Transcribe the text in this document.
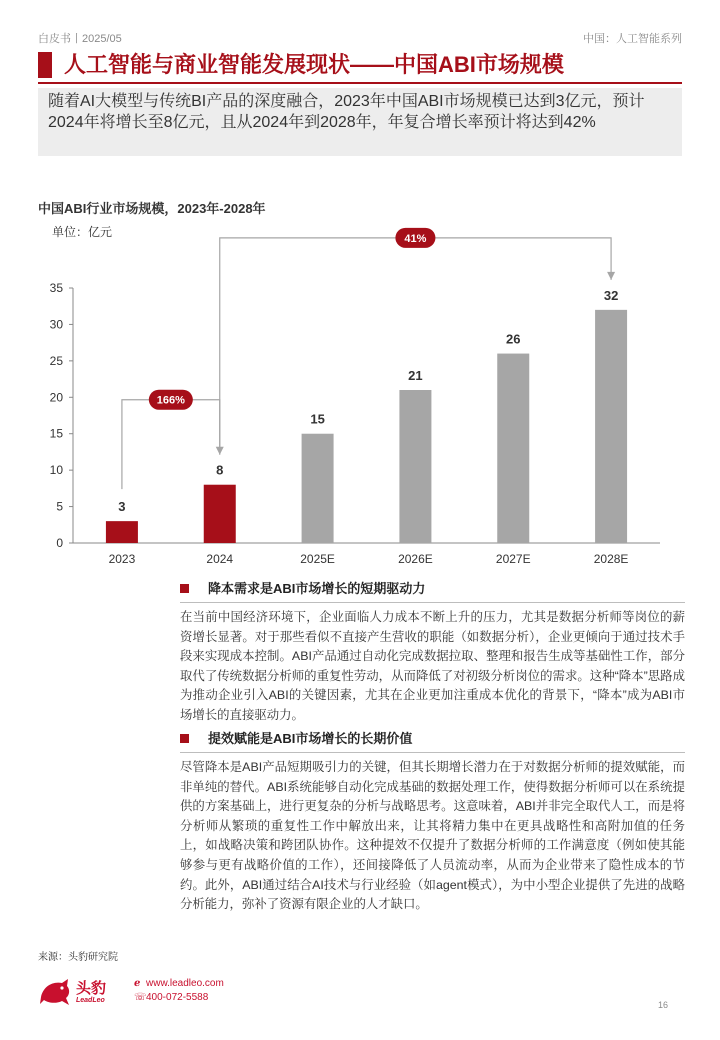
白皮书丨2025/05	中国：人工智能系列
人工智能与商业智能发展现状——中国ABI市场规模
随着AI大模型与传统BI产品的深度融合，2023年中国ABI市场规模已达到3亿元，预计2024年将增长至8亿元，且从2024年到2028年，年复合增长率预计将达到42%
中国ABI行业市场规模，2023年-2028年
单位：亿元
0
5
10
15
20
25
30
35
3
2023
8
2024
15
2025E
21
2026E
26
2027E
32
2028E
166%
41%
降本需求是ABI市场增长的短期驱动力
在当前中国经济环境下，企业面临人力成本不断上升的压力，尤其是数据分析师等岗位的薪资增长显著。对于那些看似不直接产生营收的职能（如数据分析），企业更倾向于通过技术手段来实现成本控制。ABI产品通过自动化完成数据拉取、整理和报告生成等基础性工作，部分取代了传统数据分析师的重复性劳动，从而降低了对初级分析岗位的需求。这种“降本”思路成为推动企业引入ABI的关键因素，尤其在企业更加注重成本优化的背景下，“降本”成为ABI市场增长的直接驱动力。
提效赋能是ABI市场增长的长期价值
尽管降本是ABI产品短期吸引力的关键，但其长期增长潜力在于对数据分析师的提效赋能，而非单纯的替代。ABI系统能够自动化完成基础的数据处理工作，使得数据分析师可以在系统提供的方案基础上，进行更复杂的分析与战略思考。这意味着，ABI并非完全取代人工，而是将分析师从繁琐的重复性工作中解放出来，让其将精力集中在更具战略性和高附加值的任务上，如战略决策和跨团队协作。这种提效不仅提升了数据分析师的工作满意度（例如使其能够参与更有战略价值的工作），还间接降低了人员流动率，从而为企业带来了隐性成本的节约。此外，ABI通过结合AI技术与行业经验（如agent模式），为中小型企业提供了先进的战略分析能力，弥补了资源有限企业的人才缺口。
来源：头豹研究院
头豹
LeadLeo
ℯ www.leadleo.com
☏400-072-5588
16
